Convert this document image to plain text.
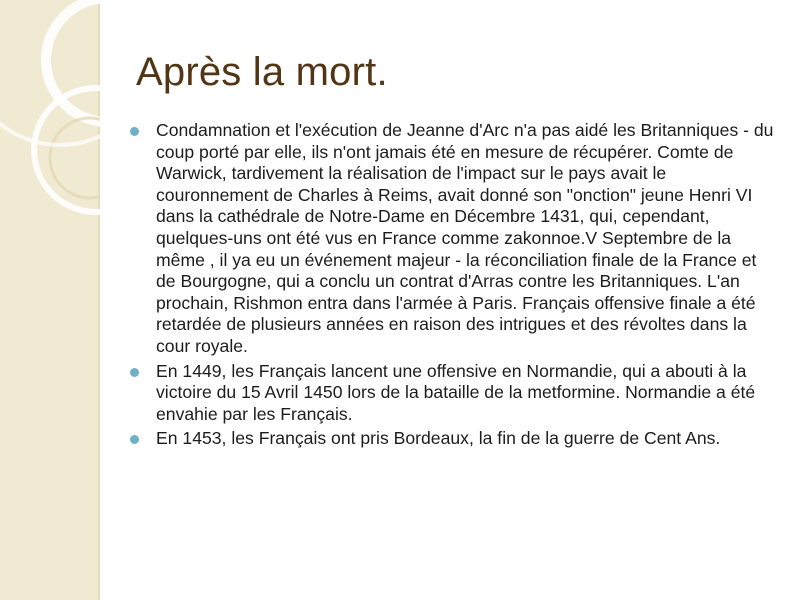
Après la mort.
Condamnation et l'exécution de Jeanne d'Arc n'a pas aidé les Britanniques - du coup porté par elle, ils n'ont jamais été en mesure de récupérer. Comte de Warwick, tardivement la réalisation de l'impact sur le pays avait le couronnement de Charles à Reims, avait donné son "onction" jeune Henri VI dans la cathédrale de Notre-Dame en Décembre 1431, qui, cependant, quelques-uns ont été vus en France comme zakonnoe.V Septembre de la même , il ya eu un événement majeur - la réconciliation finale de la France et de Bourgogne, qui a conclu un contrat d'Arras contre les Britanniques. L'an prochain, Rishmon entra dans l'armée à Paris. Français offensive finale a été retardée de plusieurs années en raison des intrigues et des révoltes dans la cour royale.
En 1449, les Français lancent une offensive en Normandie, qui a abouti à la victoire du 15 Avril 1450 lors de la bataille de la metformine. Normandie a été envahie par les Français.
En 1453, les Français ont pris Bordeaux, la fin de la guerre de Cent Ans.
